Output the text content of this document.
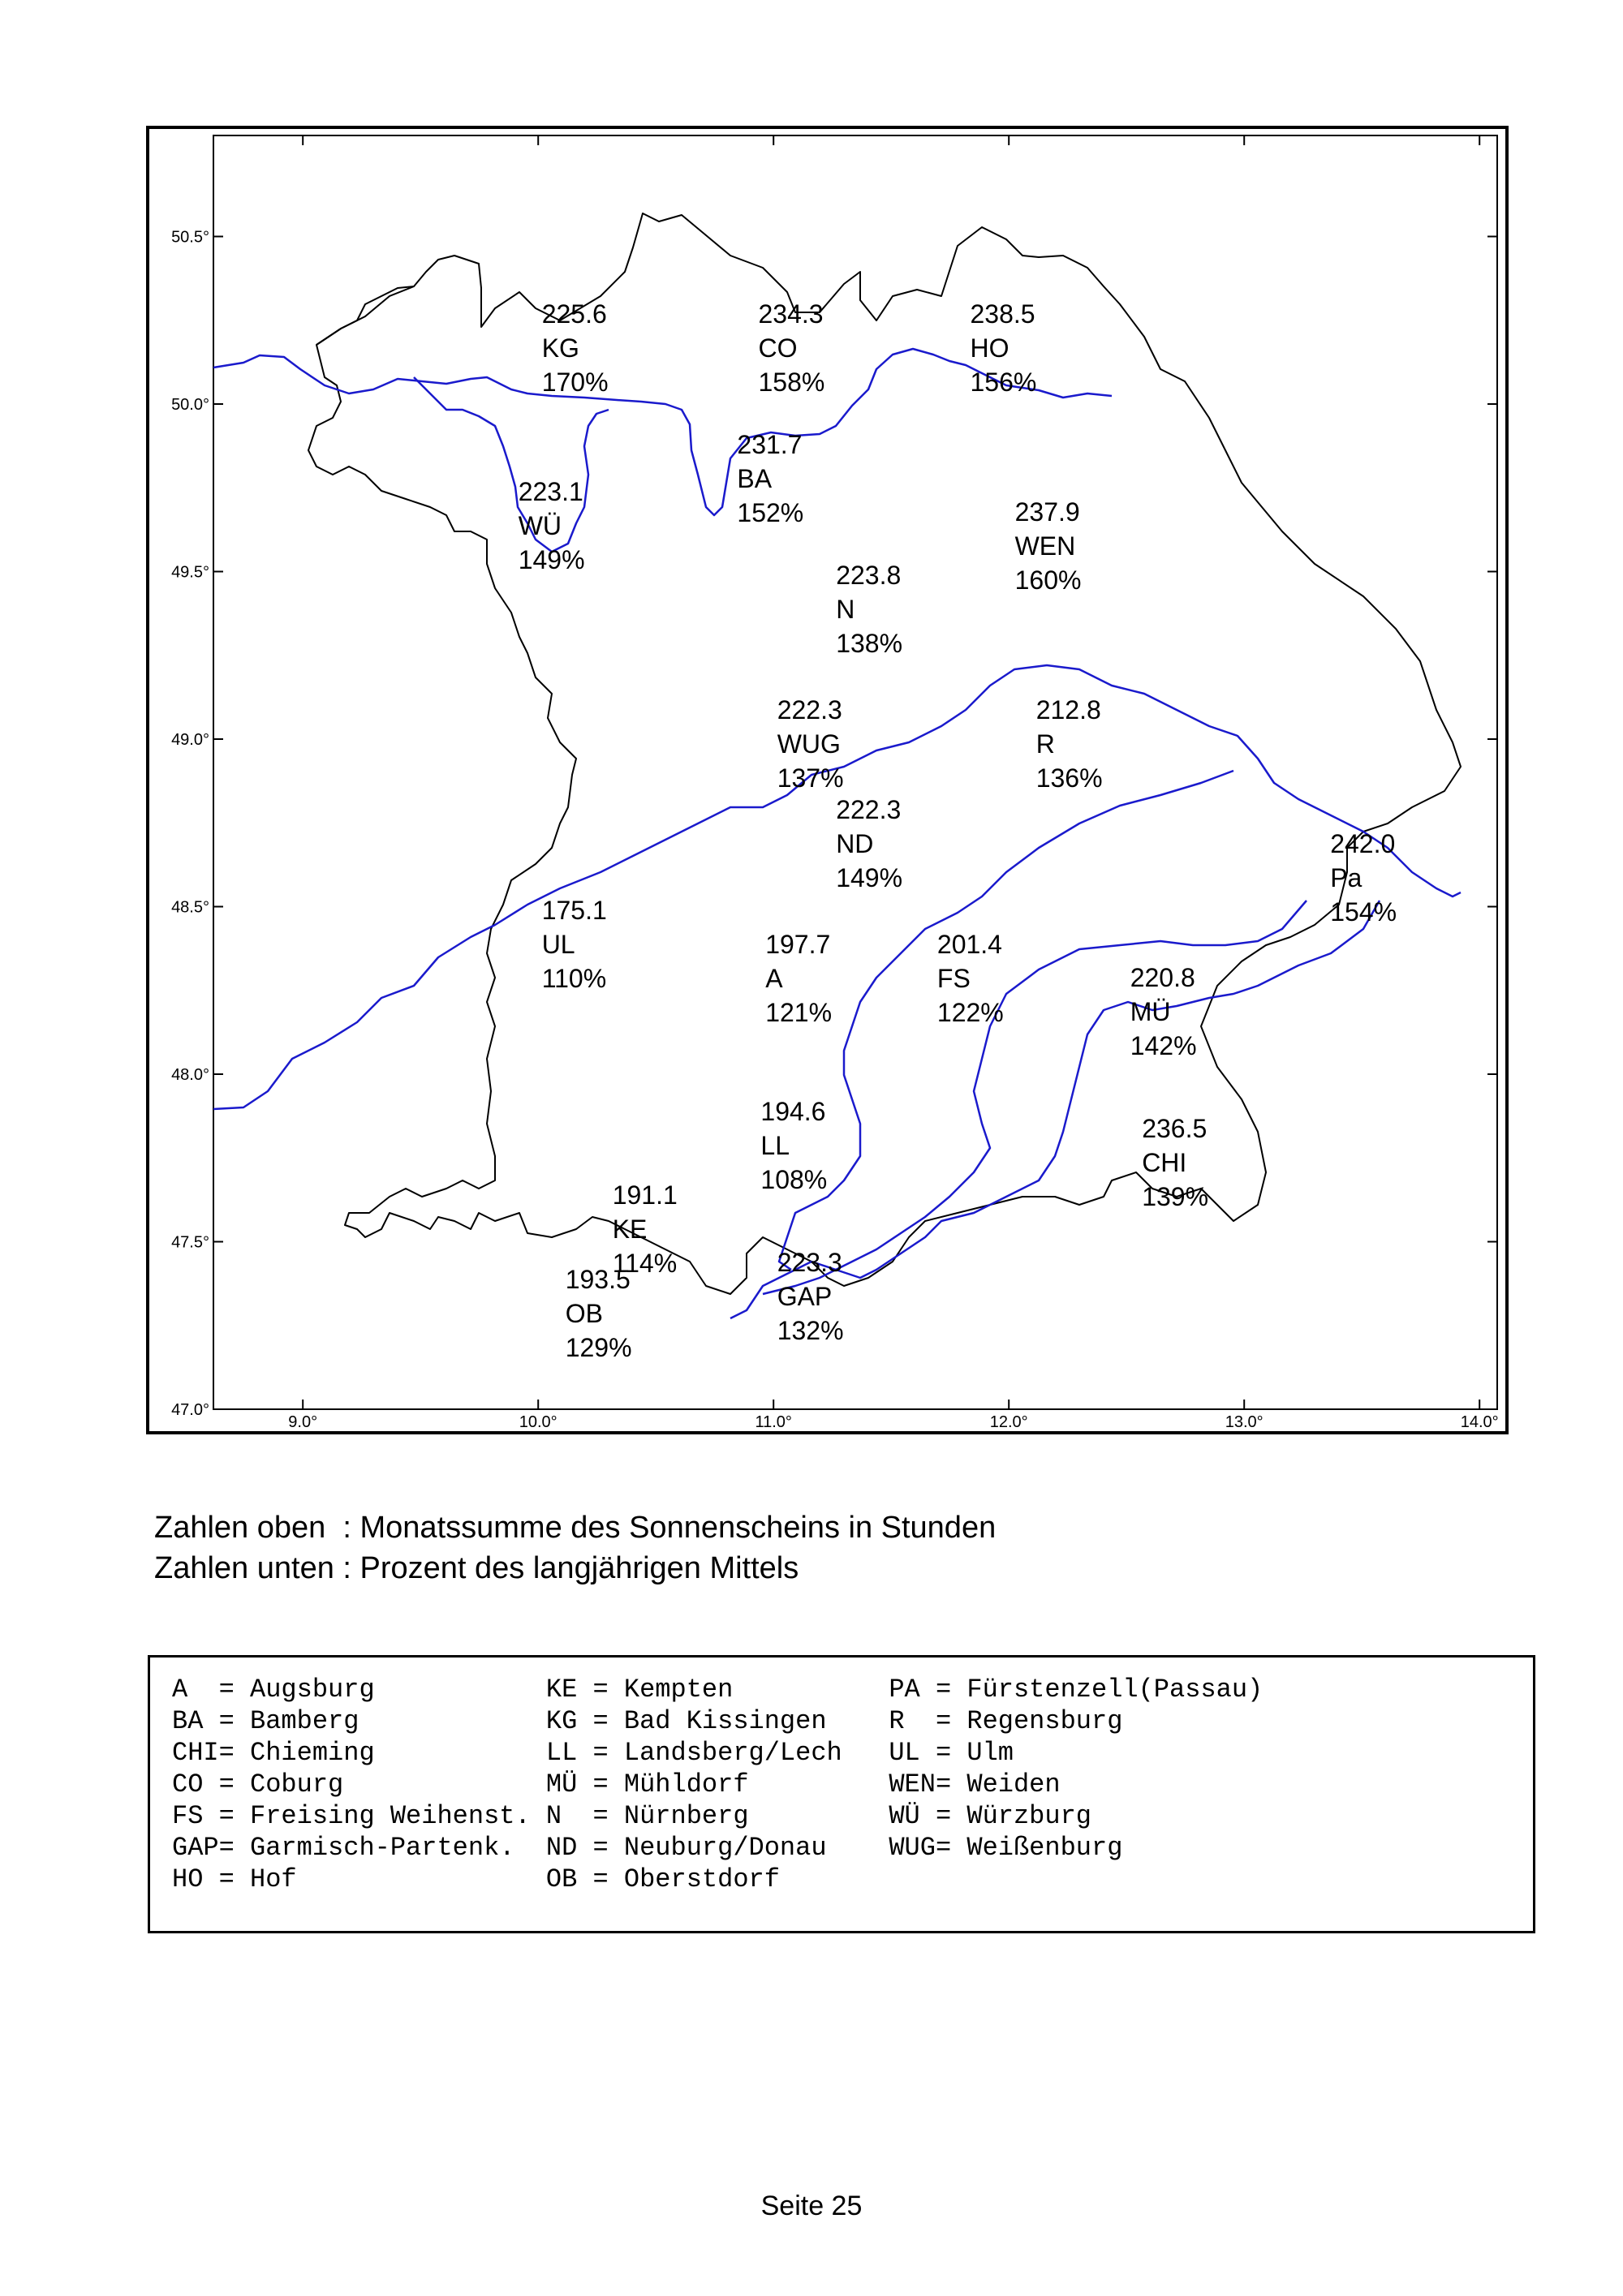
50.5°
50.0°
49.5°
49.0°
48.5°
48.0°
47.5°
47.0°
9.0°	10.0°	11.0°	12.0°	13.0°	14.0°
225.6
KG
170%
234.3
CO
158%
238.5
HO
156%
231.7
BA
152%
223.1
WÜ
149%
237.9
WEN
160%
223.8
N
138%
222.3
WUG
137%
212.8
R
136%
222.3
ND
149%
242.0
Pa
154%
175.1
UL
110%
197.7
A
121%
201.4
FS
122%
220.8
MÜ
142%
194.6
LL
108%
236.5
CHI
139%
191.1
KE
114%	223.3
GAP
132%
193.5
OB
129%
Zahlen oben  : Monatssumme des Sonnenscheins in Stunden
Zahlen unten : Prozent des langjährigen Mittels
A  = Augsburg           KE = Kempten          PA = Fürstenzell(Passau)
BA = Bamberg            KG = Bad Kissingen    R  = Regensburg
CHI= Chieming           LL = Landsberg/Lech   UL = Ulm
CO = Coburg             MÜ = Mühldorf         WEN= Weiden
FS = Freising Weihenst. N  = Nürnberg         WÜ = Würzburg
GAP= Garmisch-Partenk.  ND = Neuburg/Donau    WUG= Weißenburg
HO = Hof                OB = Oberstdorf
Seite 25
